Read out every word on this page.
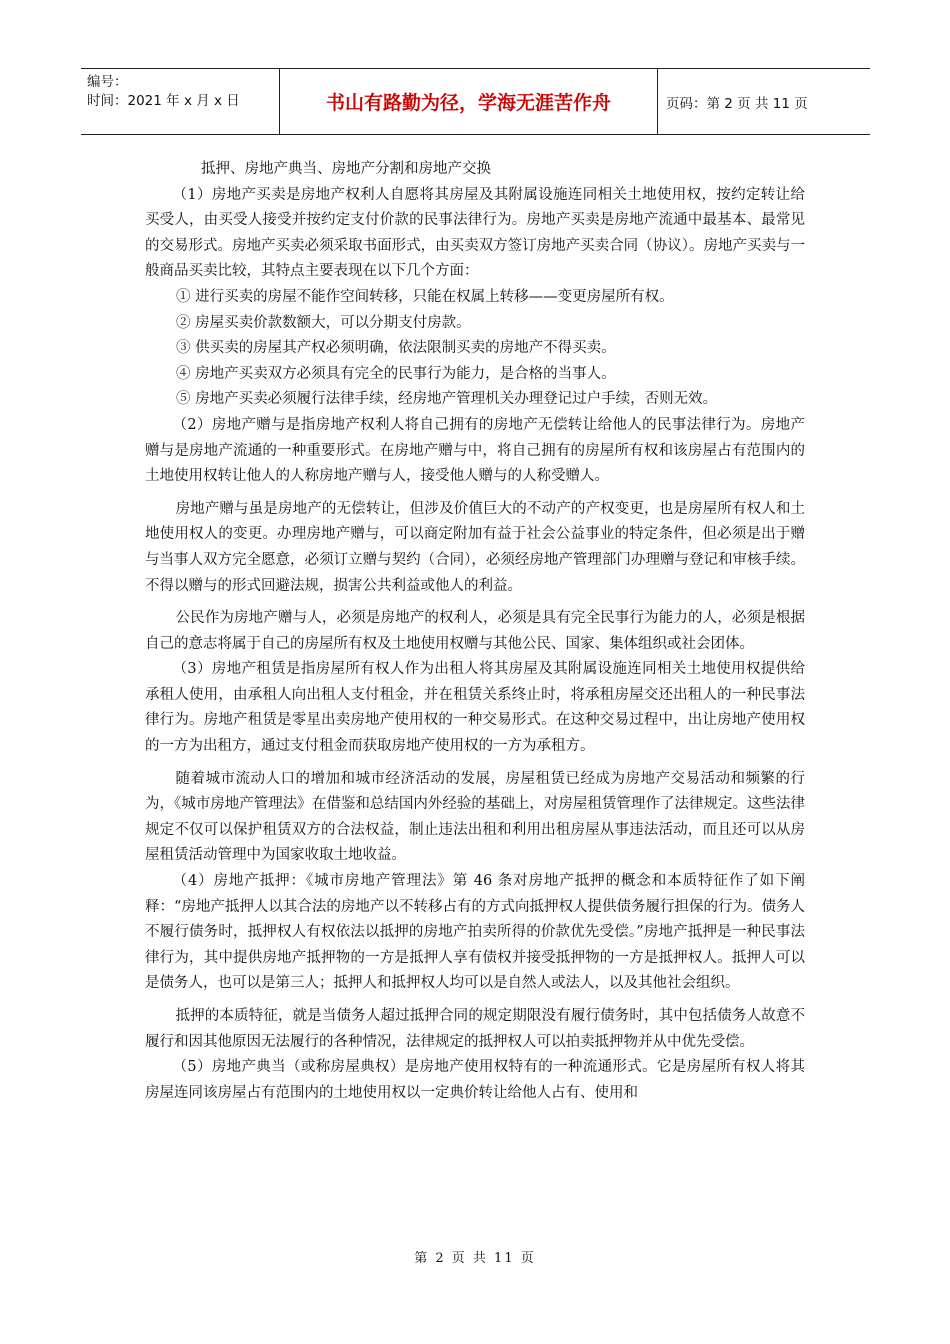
编号：
时间：2021 年 x 月 x 日	书山有路勤为径，学海无涯苦作舟	页码：第 2 页 共 11 页

抵押、房地产典当、房地产分割和房地产交换

（1）房地产买卖是房地产权利人自愿将其房屋及其附属设施连同相关土地使用权，按约定转让给买受人，由买受人接受并按约定支付价款的民事法律行为。房地产买卖是房地产流通中最基本、最常见的交易形式。房地产买卖必须采取书面形式，由买卖双方签订房地产买卖合同（协议）。房地产买卖与一般商品买卖比较，其特点主要表现在以下几个方面：

① 进行买卖的房屋不能作空间转移，只能在权属上转移——变更房屋所有权。

② 房屋买卖价款数额大，可以分期支付房款。

③ 供买卖的房屋其产权必须明确，依法限制买卖的房地产不得买卖。

④ 房地产买卖双方必须具有完全的民事行为能力，是合格的当事人。

⑤ 房地产买卖必须履行法律手续，经房地产管理机关办理登记过户手续，否则无效。

（2）房地产赠与是指房地产权利人将自己拥有的房地产无偿转让给他人的民事法律行为。房地产赠与是房地产流通的一种重要形式。在房地产赠与中，将自己拥有的房屋所有权和该房屋占有范围内的土地使用权转让他人的人称房地产赠与人，接受他人赠与的人称受赠人。

房地产赠与虽是房地产的无偿转让，但涉及价值巨大的不动产的产权变更，也是房屋所有权人和土地使用权人的变更。办理房地产赠与，可以商定附加有益于社会公益事业的特定条件，但必须是出于赠与当事人双方完全愿意，必须订立赠与契约（合同），必须经房地产管理部门办理赠与登记和审核手续。不得以赠与的形式回避法规，损害公共利益或他人的利益。

公民作为房地产赠与人，必须是房地产的权利人，必须是具有完全民事行为能力的人，必须是根据自己的意志将属于自己的房屋所有权及土地使用权赠与其他公民、国家、集体组织或社会团体。

（3）房地产租赁是指房屋所有权人作为出租人将其房屋及其附属设施连同相关土地使用权提供给承租人使用，由承租人向出租人支付租金，并在租赁关系终止时，将承租房屋交还出租人的一种民事法律行为。房地产租赁是零星出卖房地产使用权的一种交易形式。在这种交易过程中，出让房地产使用权的一方为出租方，通过支付租金而获取房地产使用权的一方为承租方。

随着城市流动人口的增加和城市经济活动的发展，房屋租赁已经成为房地产交易活动和频繁的行为，《城市房地产管理法》在借鉴和总结国内外经验的基础上，对房屋租赁管理作了法律规定。这些法律规定不仅可以保护租赁双方的合法权益，制止违法出租和利用出租房屋从事违法活动，而且还可以从房屋租赁活动管理中为国家收取土地收益。

（4）房地产抵押：《城市房地产管理法》第 46 条对房地产抵押的概念和本质特征作了如下阐释：“房地产抵押人以其合法的房地产以不转移占有的方式向抵押权人提供债务履行担保的行为。债务人不履行债务时，抵押权人有权依法以抵押的房地产拍卖所得的价款优先受偿。”房地产抵押是一种民事法律行为，其中提供房地产抵押物的一方是抵押人享有债权并接受抵押物的一方是抵押权人。抵押人可以是债务人，也可以是第三人；抵押人和抵押权人均可以是自然人或法人，以及其他社会组织。

抵押的本质特征，就是当债务人超过抵押合同的规定期限没有履行债务时，其中包括债务人故意不履行和因其他原因无法履行的各种情况，法律规定的抵押权人可以拍卖抵押物并从中优先受偿。

（5）房地产典当（或称房屋典权）是房地产使用权特有的一种流通形式。它是房屋所有权人将其房屋连同该房屋占有范围内的土地使用权以一定典价转让给他人占有、使用和

第 2 页 共 11 页
